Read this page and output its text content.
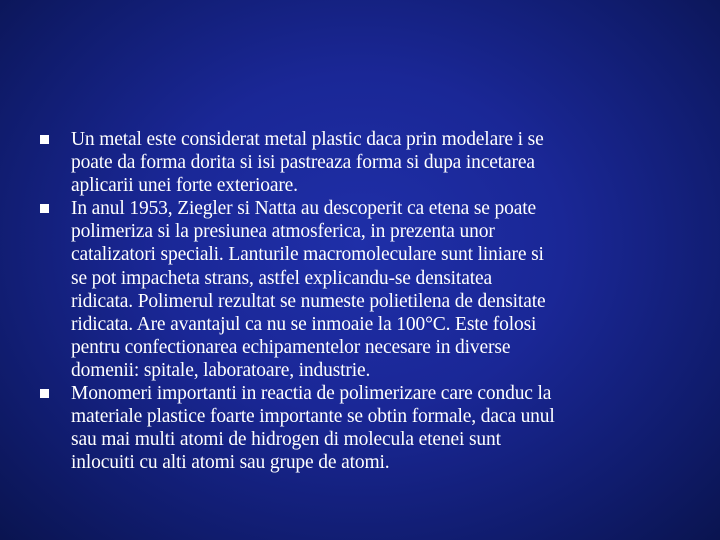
Un metal este considerat metal plastic daca prin modelare i se
poate da forma dorita si isi pastreaza forma si dupa incetarea
aplicarii unei forte exterioare.
In anul 1953, Ziegler si Natta au descoperit ca etena se poate
polimeriza si la presiunea atmosferica, in prezenta unor
catalizatori speciali. Lanturile macromoleculare sunt liniare si
se pot impacheta strans, astfel explicandu-se densitatea
ridicata. Polimerul rezultat se numeste polietilena de densitate
ridicata. Are avantajul ca nu se inmoaie la 100°C. Este folosi
pentru confectionarea echipamentelor necesare in diverse
domenii: spitale, laboratoare, industrie.
Monomeri importanti in reactia de polimerizare care conduc la
materiale plastice foarte importante se obtin formale, daca unul
sau mai multi atomi de hidrogen di molecula etenei sunt
inlocuiti cu alti atomi sau grupe de atomi.
